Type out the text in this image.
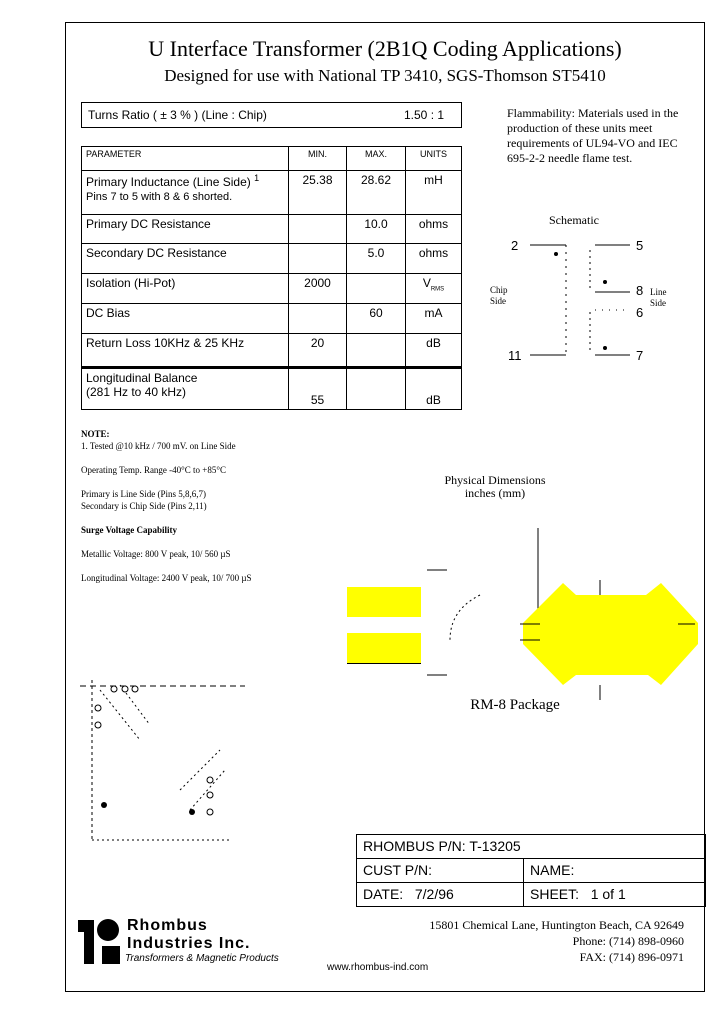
U Interface Transformer (2B1Q Coding Applications)
Designed for use with National TP 3410, SGS-Thomson ST5410
Turns Ratio ( ± 3 % ) (Line : Chip)	1.50 : 1
PARAMETER	MIN.	MAX.	UNITS
Primary Inductance (Line Side) $^1$
Pins 7 to 5 with 8 & 6 shorted.	25.38	28.62	mH
Primary DC Resistance		10.0	ohms
Secondary DC Resistance		5.0	ohms
Isolation (Hi-Pot)	2000		$V_{RMS}$
DC Bias		60	mA
Return Loss 10KHz & 25 KHz	20		dB
Longitudinal Balance
(281 Hz to 40 kHz)	55		dB
Flammability: Materials used in the production of these units meet requirements of UL94-VO and IEC 695-2-2 needle flame test.
Schematic
2	5
8
6
11	7
Chip Side
Line Side
NOTE:
1. Tested @10 kHz / 700 mV. on Line Side
Operating Temp. Range -40°C to +85°C
Primary is Line Side (Pins 5,8,6,7)
Secondary is Chip Side (Pins 2,11)
Surge Voltage Capability
Metallic Voltage: 800 V peak, 10/ 560 µS
Longitudinal Voltage: 2400 V peak, 10/ 700 µS
Physical Dimensions
inches (mm)
RM-8 Package
RHOMBUS P/N: T-13205
CUST P/N:	NAME:
DATE: 7/2/96	SHEET: 1 of 1
Rhombus
Industries Inc.
Transformers & Magnetic Products
15801 Chemical Lane, Huntington Beach, CA 92649
Phone: (714) 898-0960
FAX: (714) 896-0971
www.rhombus-ind.com
